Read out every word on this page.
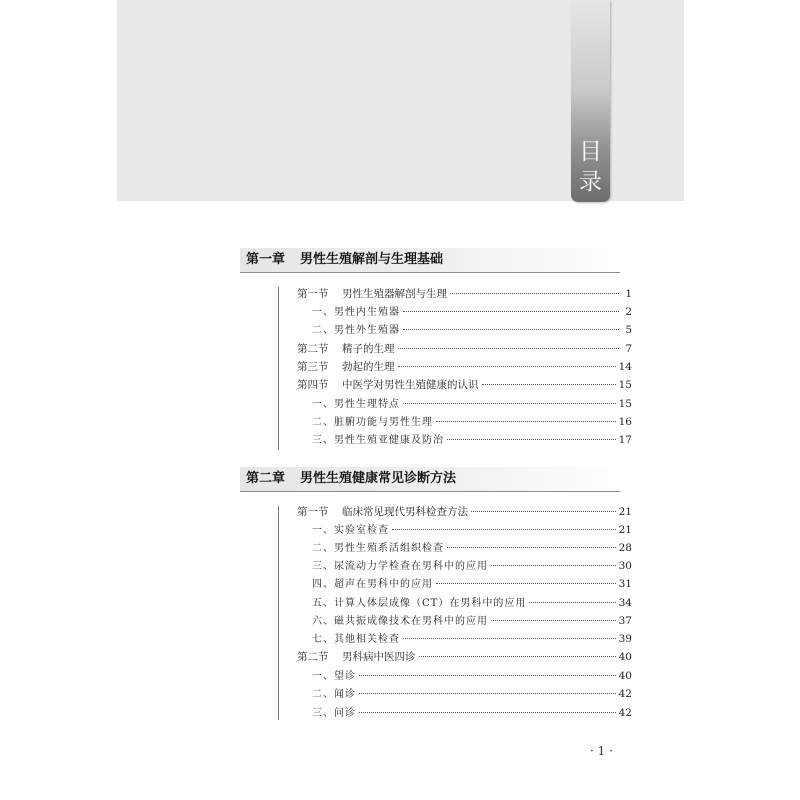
目录
第一章 男性生殖解剖与生理基础
第一节 男性生殖器解剖与生理	1
一、男性内生殖器	2
二、男性外生殖器	5
第二节 精子的生理	7
第三节 勃起的生理	14
第四节 中医学对男性生殖健康的认识	15
一、男性生理特点	15
二、脏腑功能与男性生理	16
三、男性生殖亚健康及防治	17
第二章 男性生殖健康常见诊断方法
第一节 临床常见现代男科检查方法	21
一、实验室检查	21
二、男性生殖系活组织检查	28
三、尿流动力学检查在男科中的应用	30
四、超声在男科中的应用	31
五、计算人体层成像（CT）在男科中的应用	34
六、磁共振成像技术在男科中的应用	37
七、其他相关检查	39
第二节 男科病中医四诊	40
一、望诊	40
二、闻诊	42
三、问诊	42
· 1 ·
